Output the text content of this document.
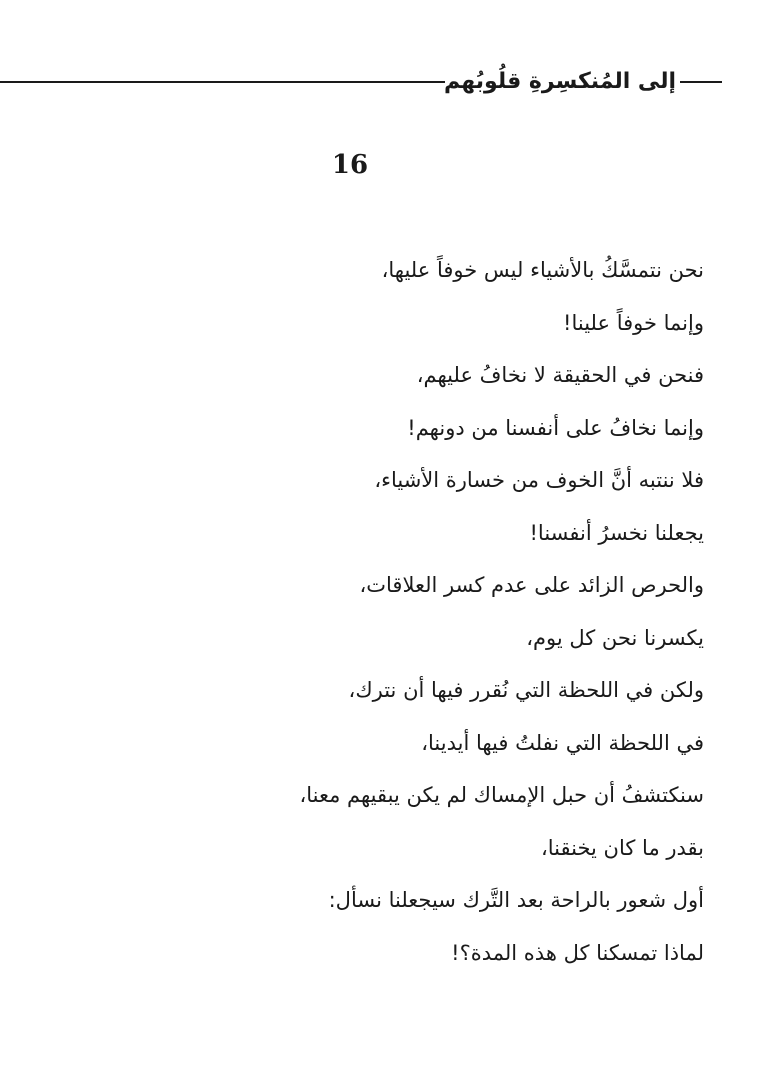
إلى المُنكسِرةِ قلُوبُهم
16
نحن نتمسَّكُ بالأشياء ليس خوفاً عليها،
وإنما خوفاً علينا!
فنحن في الحقيقة لا نخافُ عليهم،
وإنما نخافُ على أنفسنا من دونهم!
فلا ننتبه أنَّ الخوف من خسارة الأشياء،
يجعلنا نخسرُ أنفسنا!
والحرص الزائد على عدم كسر العلاقات،
يكسرنا نحن كل يوم،
ولكن في اللحظة التي نُقرر فيها أن نترك،
في اللحظة التي نفلتُ فيها أيدينا،
سنكتشفُ أن حبل الإمساك لم يكن يبقيهم معنا،
بقدر ما كان يخنقنا،
أول شعور بالراحة بعد التَّرك سيجعلنا نسأل:
لماذا تمسكنا كل هذه المدة؟!
